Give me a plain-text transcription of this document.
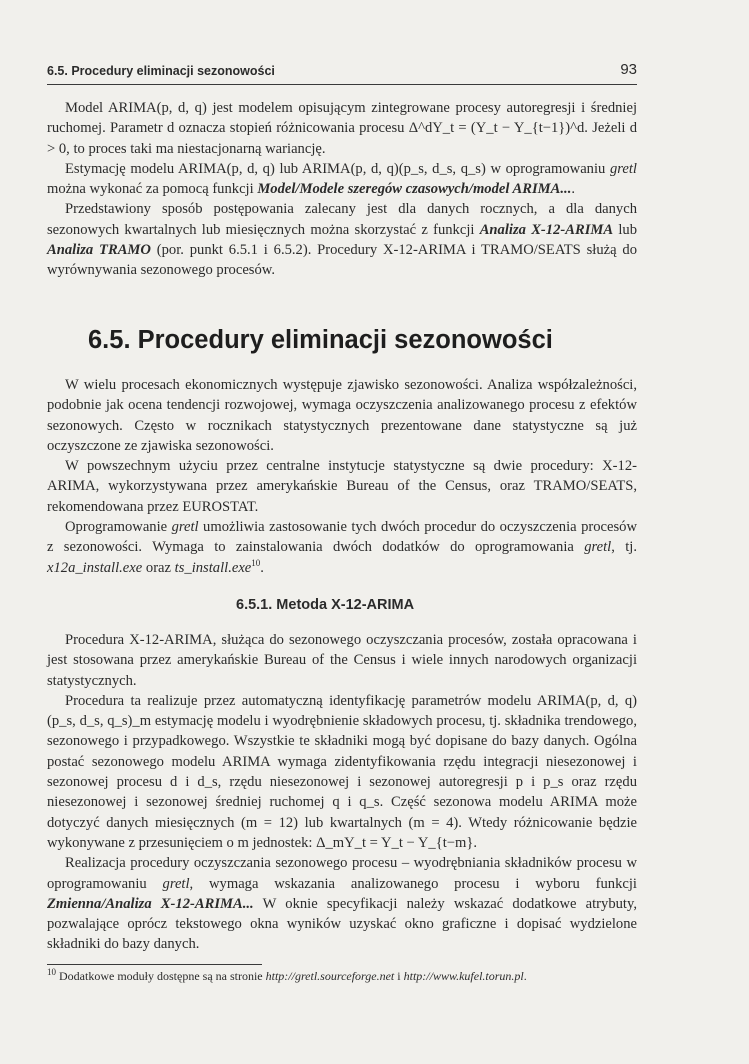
6.5. Procedury eliminacji sezonowości	93

Model ARIMA(p, d, q) jest modelem opisującym zintegrowane procesy autoregresji i średniej ruchomej. Parametr d oznacza stopień różnicowania procesu Δ^dY_t = (Y_t − Y_{t−1})^d. Jeżeli d > 0, to proces taki ma niestacjonarną wariancję.

Estymację modelu ARIMA(p, d, q) lub ARIMA(p, d, q)(p_s, d_s, q_s) w oprogramowaniu gretl można wykonać za pomocą funkcji Model/Modele szeregów czasowych/model ARIMA....

Przedstawiony sposób postępowania zalecany jest dla danych rocznych, a dla danych sezonowych kwartalnych lub miesięcznych można skorzystać z funkcji Analiza X-12-ARIMA lub Analiza TRAMO (por. punkt 6.5.1 i 6.5.2). Procedury X-12-ARIMA i TRAMO/SEATS służą do wyrównywania sezonowego procesów.

6.5. Procedury eliminacji sezonowości

W wielu procesach ekonomicznych występuje zjawisko sezonowości. Analiza współzależności, podobnie jak ocena tendencji rozwojowej, wymaga oczyszczenia analizowanego procesu z efektów sezonowych. Często w rocznikach statystycznych prezentowane dane statystyczne są już oczyszczone ze zjawiska sezonowości.

W powszechnym użyciu przez centralne instytucje statystyczne są dwie procedury: X-12-ARIMA, wykorzystywana przez amerykańskie Bureau of the Census, oraz TRAMO/SEATS, rekomendowana przez EUROSTAT.

Oprogramowanie gretl umożliwia zastosowanie tych dwóch procedur do oczyszczenia procesów z sezonowości. Wymaga to zainstalowania dwóch dodatków do oprogramowania gretl, tj. x12a_install.exe oraz ts_install.exe$^{10}$.

6.5.1. Metoda X-12-ARIMA

Procedura X-12-ARIMA, służąca do sezonowego oczyszczania procesów, została opracowana i jest stosowana przez amerykańskie Bureau of the Census i wiele innych narodowych organizacji statystycznych.

Procedura ta realizuje przez automatyczną identyfikację parametrów modelu ARIMA(p, d, q)(p_s, d_s, q_s)_m estymację modelu i wyodrębnienie składowych procesu, tj. składnika trendowego, sezonowego i przypadkowego. Wszystkie te składniki mogą być dopisane do bazy danych. Ogólna postać sezonowego modelu ARIMA wymaga zidentyfikowania rzędu integracji niesezonowej i sezonowej procesu d i d_s, rzędu niesezonowej i sezonowej autoregresji p i p_s oraz rzędu niesezonowej i sezonowej średniej ruchomej q i q_s. Część sezonowa modelu ARIMA może dotyczyć danych miesięcznych (m = 12) lub kwartalnych (m = 4). Wtedy różnicowanie będzie wykonywane z przesunięciem o m jednostek: Δ_mY_t = Y_t − Y_{t−m}.

Realizacja procedury oczyszczania sezonowego procesu – wyodrębniania składników procesu w oprogramowaniu gretl, wymaga wskazania analizowanego procesu i wyboru funkcji Zmienna/Analiza X-12-ARIMA... W oknie specyfikacji należy wskazać dodatkowe atrybuty, pozwalające oprócz tekstowego okna wyników uzyskać okno graficzne i dopisać wydzielone składniki do bazy danych.

$^{10}$ Dodatkowe moduły dostępne są na stronie http://gretl.sourceforge.net i http://www.kufel.torun.pl.
